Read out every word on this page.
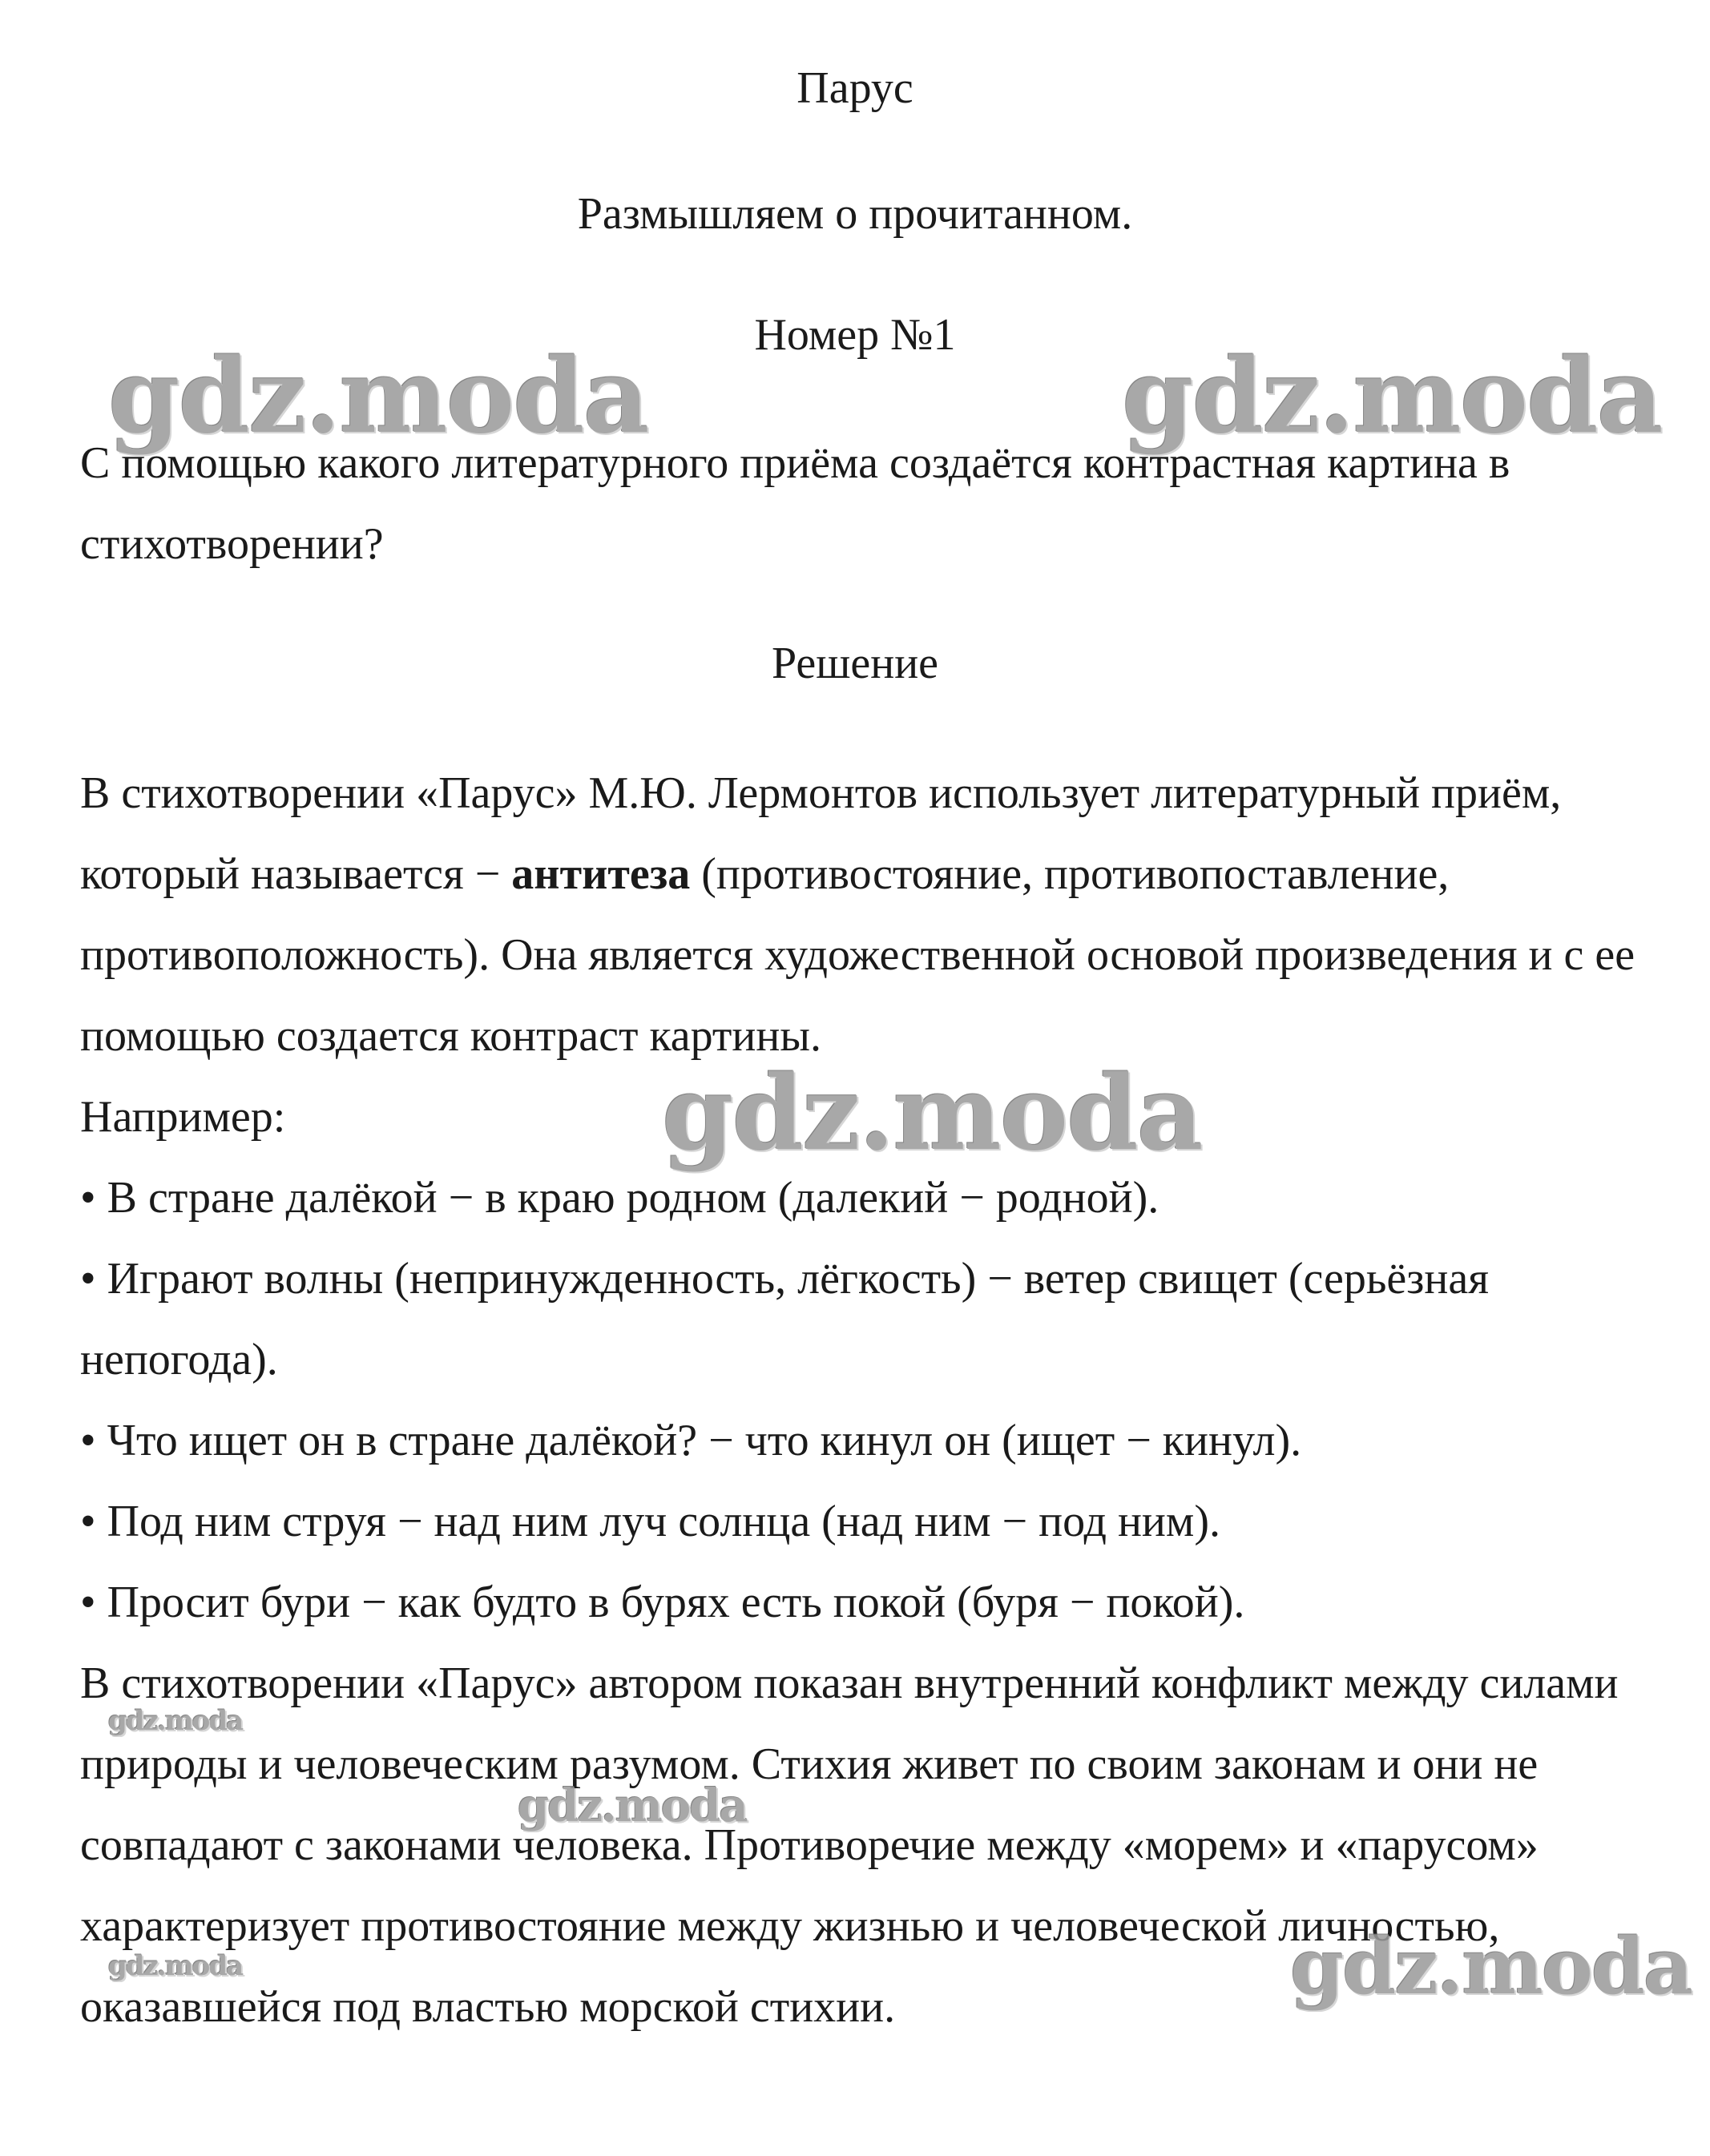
Парус
Размышляем о прочитанном.
Номер №1

С помощью какого литературного приёма создаётся контрастная картина в стихотворении?

Решение

В стихотворении «Парус» М.Ю. Лермонтов использует литературный приём, который называется − антитеза (противостояние, противопоставление, противоположность). Она является художественной основой произведения и с ее помощью создается контраст картины.

Например:

• В стране далёкой − в краю родном (далекий − родной).

• Играют волны (непринужденность, лёгкость) − ветер свищет (серьёзная непогода).

• Что ищет он в стране далёкой? − что кинул он (ищет − кинул).

• Под ним струя − над ним луч солнца (над ним − под ним).

• Просит бури − как будто в бурях есть покой (буря − покой).

В стихотворении «Парус» автором показан внутренний конфликт между силами природы и человеческим разумом. Стихия живет по своим законам и они не совпадают с законами человека. Противоречие между «морем» и «парусом» характеризует противостояние между жизнью и человеческой личностью, оказавшейся под властью морской стихии.

gdz.moda	gdz.moda
gdz.moda
gdz.moda
gdz.moda
gdz.moda	gdz.moda
